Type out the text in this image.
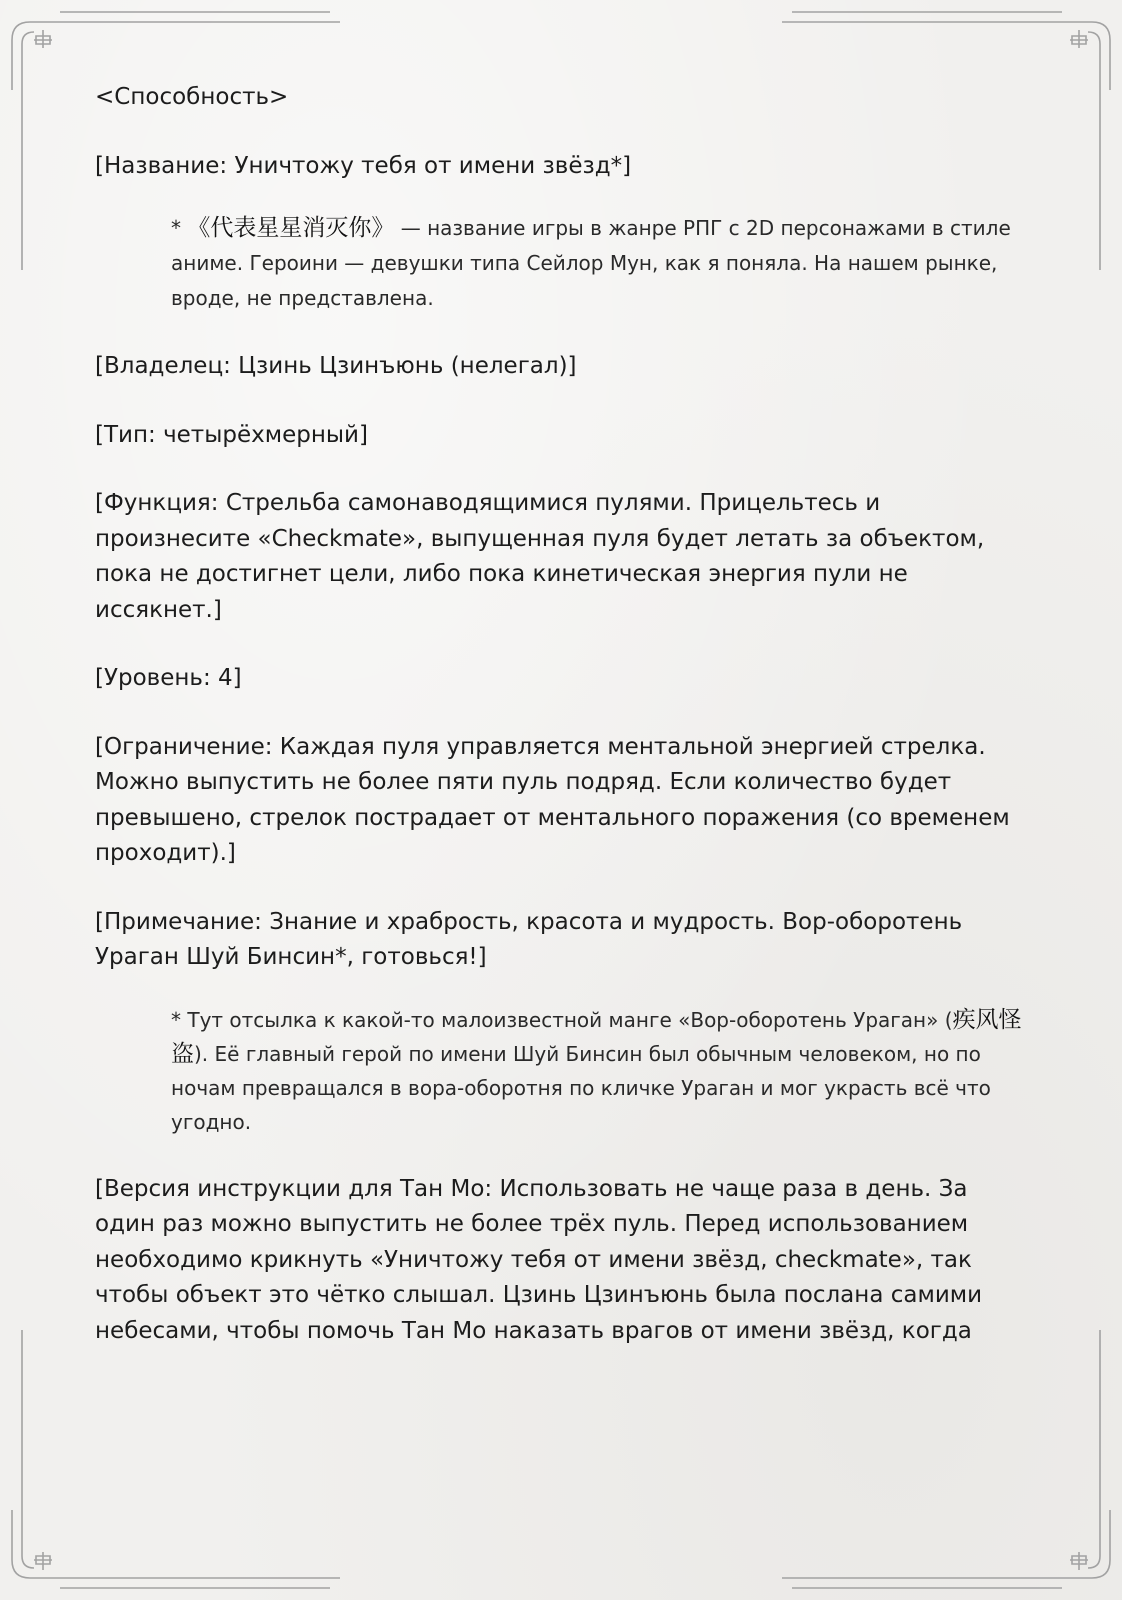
<Способность>

[Название: Уничтожу тебя от имени звёзд*]

* 《代表星星消灭你》 — название игры в жанре РПГ с 2D персонажами в стиле аниме. Героини — девушки типа Сейлор Мун, как я поняла. На нашем рынке, вроде, не представлена.

[Владелец: Цзинь Цзинъюнь (нелегал)]

[Тип: четырёхмерный]

[Функция: Стрельба самонаводящимися пулями. Прицельтесь и произнесите «Checkmate», выпущенная пуля будет летать за объектом, пока не достигнет цели, либо пока кинетическая энергия пули не иссякнет.]

[Уровень: 4]

[Ограничение: Каждая пуля управляется ментальной энергией стрелка. Можно выпустить не более пяти пуль подряд. Если количество будет превышено, стрелок пострадает от ментального поражения (со временем проходит).]

[Примечание: Знание и храбрость, красота и мудрость. Вор-оборотень Ураган Шуй Бинсин*, готовься!]

* Тут отсылка к какой-то малоизвестной манге «Вор-оборотень Ураган» (疾风怪盗). Её главный герой по имени Шуй Бинсин был обычным человеком, но по ночам превращался в вора-оборотня по кличке Ураган и мог украсть всё что угодно.

[Версия инструкции для Тан Мо: Использовать не чаще раза в день. За один раз можно выпустить не более трёх пуль. Перед использованием необходимо крикнуть «Уничтожу тебя от имени звёзд, checkmate», так чтобы объект это чётко слышал. Цзинь Цзинъюнь была послана самими небесами, чтобы помочь Тан Мо наказать врагов от имени звёзд, когда
